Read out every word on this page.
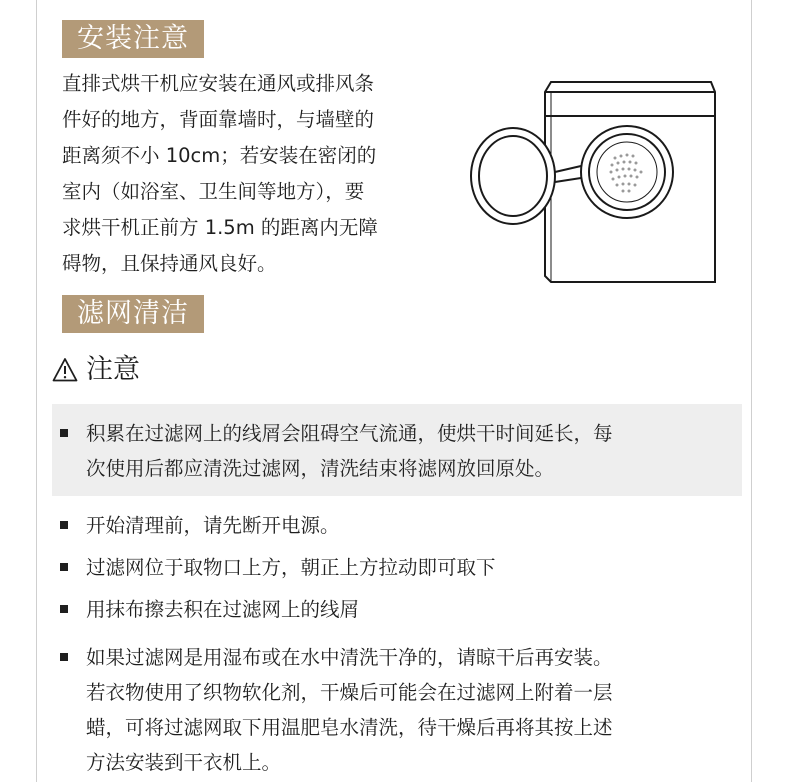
安装注意
直排式烘干机应安装在通风或排风条
件好的地方，背面靠墙时，与墙壁的
距离须不小 10cm；若安装在密闭的
室内（如浴室、卫生间等地方），要
求烘干机正前方 1.5m 的距离内无障
碍物，且保持通风良好。
滤网清洁
注意
积累在过滤网上的线屑会阻碍空气流通，使烘干时间延长，每
次使用后都应清洗过滤网，清洗结束将滤网放回原处。
开始清理前，请先断开电源。
过滤网位于取物口上方，朝正上方拉动即可取下
用抹布擦去积在过滤网上的线屑
如果过滤网是用湿布或在水中清洗干净的，请晾干后再安装。
若衣物使用了织物软化剂，干燥后可能会在过滤网上附着一层
蜡，可将过滤网取下用温肥皂水清洗，待干燥后再将其按上述
方法安装到干衣机上。
